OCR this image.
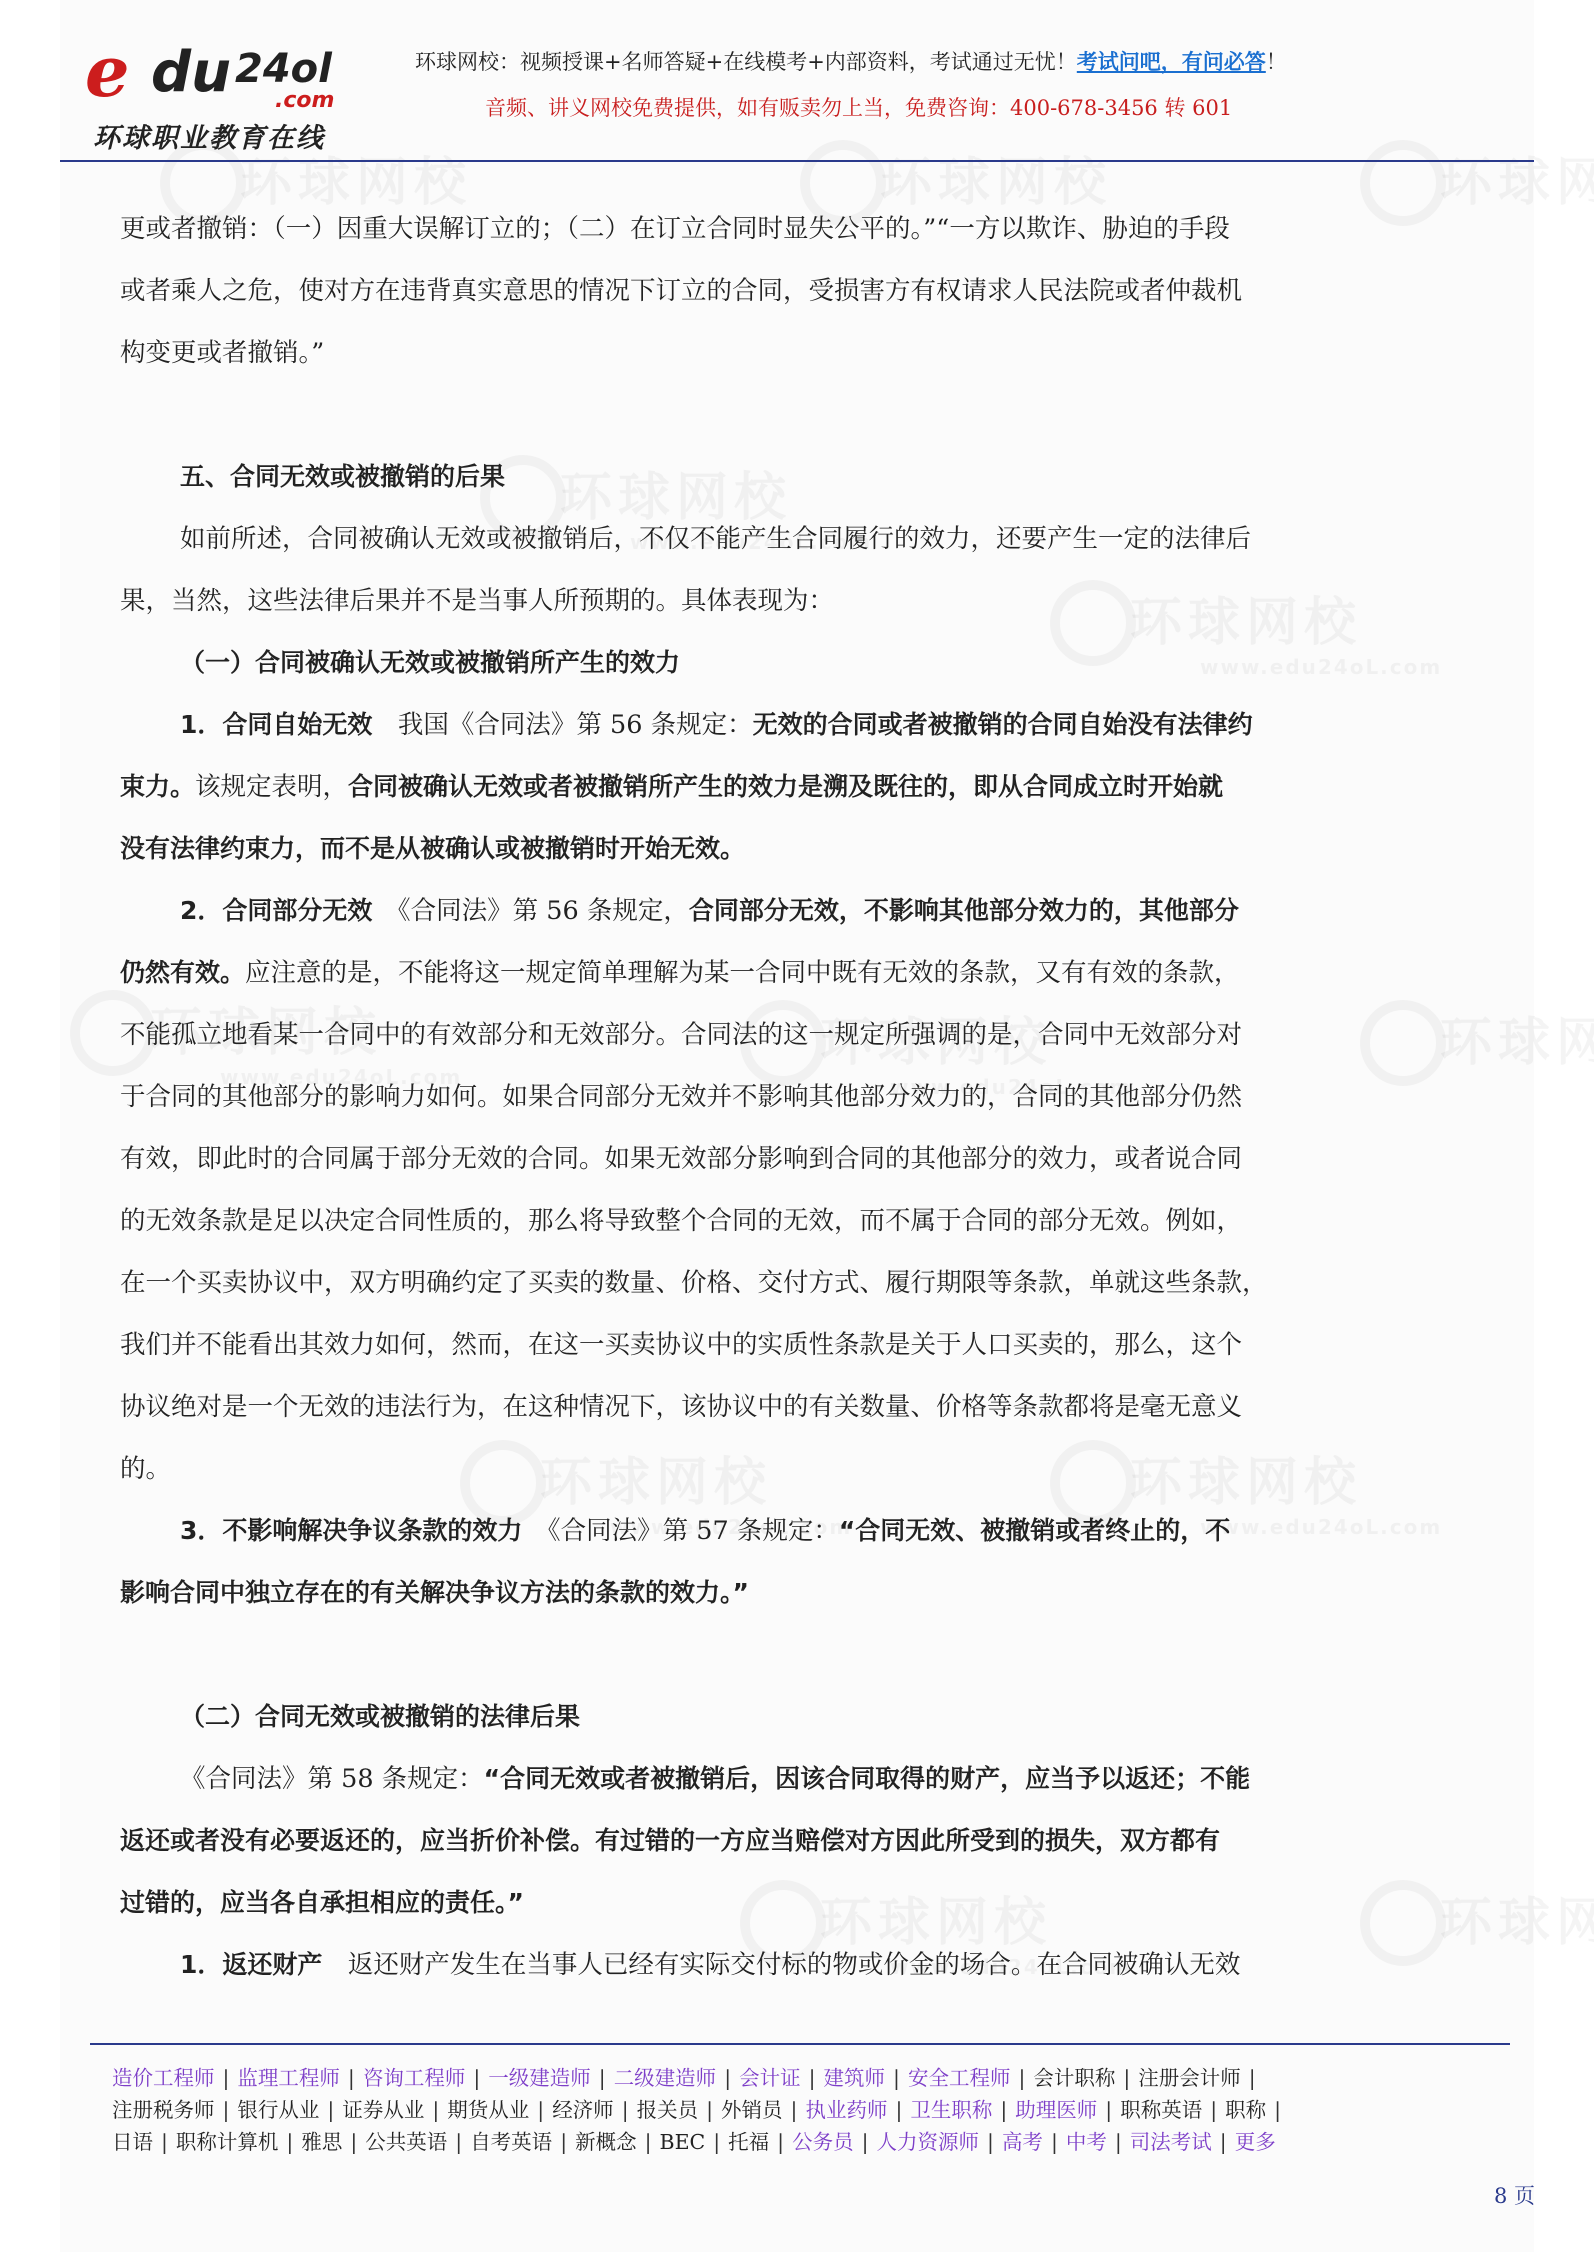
e du 24ol
.com
环球职业教育在线
环球网校：视频授课+名师答疑+在线模考+内部资料，考试通过无忧！考试问吧，有问必答！
音频、讲义网校免费提供，如有贩卖勿上当，免费咨询：400-678-3456 转 601

更或者撤销：（一）因重大误解订立的；（二）在订立合同时显失公平的。”“一方以欺诈、胁迫的手段

或者乘人之危，使对方在违背真实意思的情况下订立的合同，受损害方有权请求人民法院或者仲裁机

构变更或者撤销。”

五、合同无效或被撤销的后果

如前所述，合同被确认无效或被撤销后，不仅不能产生合同履行的效力，还要产生一定的法律后

果，当然，这些法律后果并不是当事人所预期的。具体表现为：

（一）合同被确认无效或被撤销所产生的效力

1．合同自始无效　 我国《合同法》第 56 条规定：无效的合同或者被撤销的合同自始没有法律约

束力。该规定表明，合同被确认无效或者被撤销所产生的效力是溯及既往的，即从合同成立时开始就

没有法律约束力，而不是从被确认或被撤销时开始无效。

2．合同部分无效　 《合同法》第 56 条规定，合同部分无效，不影响其他部分效力的，其他部分

仍然有效。应注意的是，不能将这一规定简单理解为某一合同中既有无效的条款，又有有效的条款，

不能孤立地看某一合同中的有效部分和无效部分。合同法的这一规定所强调的是，合同中无效部分对

于合同的其他部分的影响力如何。如果合同部分无效并不影响其他部分效力的，合同的其他部分仍然

有效，即此时的合同属于部分无效的合同。如果无效部分影响到合同的其他部分的效力，或者说合同

的无效条款是足以决定合同性质的，那么将导致整个合同的无效，而不属于合同的部分无效。例如，

在一个买卖协议中，双方明确约定了买卖的数量、价格、交付方式、履行期限等条款，单就这些条款，

我们并不能看出其效力如何，然而，在这一买卖协议中的实质性条款是关于人口买卖的，那么，这个

协议绝对是一个无效的违法行为，在这种情况下，该协议中的有关数量、价格等条款都将是毫无意义

的。

3．不影响解决争议条款的效力　 《合同法》第 57 条规定：“合同无效、被撤销或者终止的，不

影响合同中独立存在的有关解决争议方法的条款的效力。”

（二）合同无效或被撤销的法律后果

《合同法》第 58 条规定：“合同无效或者被撤销后，因该合同取得的财产，应当予以返还；不能

返还或者没有必要返还的，应当折价补偿。有过错的一方应当赔偿对方因此所受到的损失，双方都有

过错的，应当各自承担相应的责任。”

1．返还财产　 返还财产发生在当事人已经有实际交付标的物或价金的场合。在合同被确认无效

造价工程师 | 监理工程师 | 咨询工程师 | 一级建造师 | 二级建造师 | 会计证 | 建筑师 | 安全工程师 | 会计职称 | 注册会计师 |
注册税务师 | 银行从业 | 证券从业 | 期货从业 | 经济师 | 报关员 | 外销员 | 执业药师 | 卫生职称 | 助理医师 | 职称英语 | 职称 |
日语 | 职称计算机 | 雅思 | 公共英语 | 自考英语 | 新概念 | BEC | 托福 | 公务员 | 人力资源师 | 高考 | 中考 | 司法考试 | 更多
8 页
